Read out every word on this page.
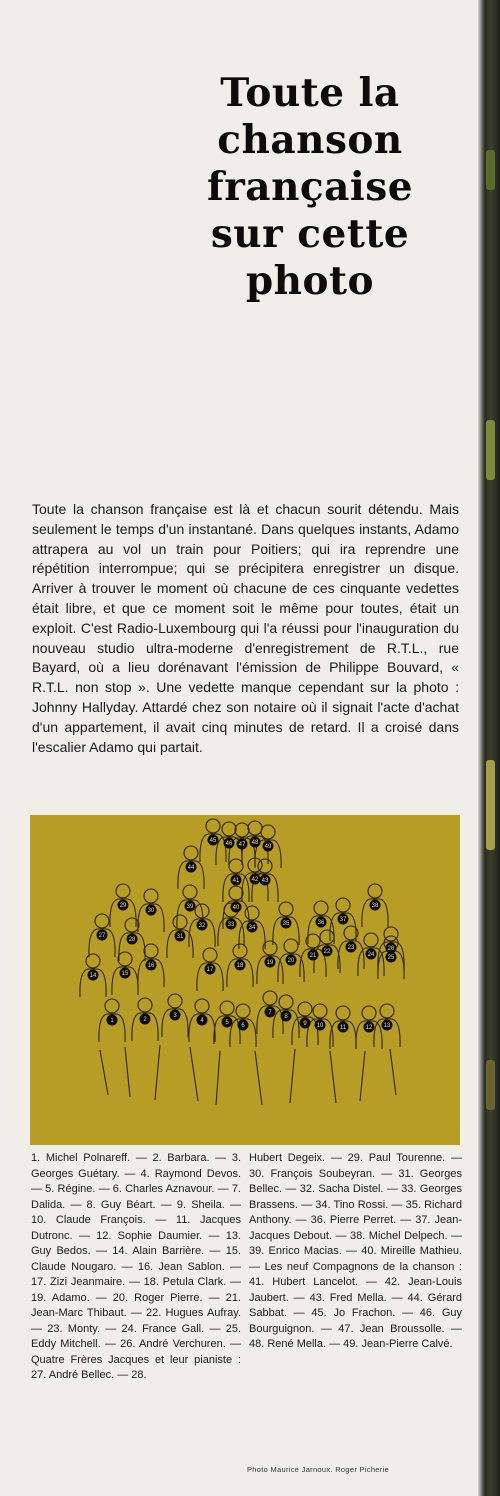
Toute la
chanson française
sur cette
photo

Toute la chanson française est là et chacun sourit détendu. Mais seulement le temps d'un instantané. Dans quelques instants, Adamo attrapera au vol un train pour Poitiers; qui ira reprendre une répétition interrompue; qui se précipitera enregistrer un disque. Arriver à trouver le moment où chacune de ces cinquante vedettes était libre, et que ce moment soit le même pour toutes, était un exploit. C'est Radio-Luxembourg qui l'a réussi pour l'inauguration du nouveau studio ultra-moderne d'enregistrement de R.T.L., rue Bayard, où a lieu dorénavant l'émission de Philippe Bouvard, « R.T.L. non stop ». Une vedette manque cependant sur la photo : Johnny Hallyday. Attardé chez son notaire où il signait l'acte d'achat d'un appartement, il avait cinq minutes de retard. Il a croisé dans l'escalier Adamo qui partait.

1	2
3
4	5 6
7
8
9 10	11	12 13
14	15
16
17
18	19 20
21
22
23
24 25
26
27
28
29
30
31
32	33 34
35	36	37
38
39	40
41 42 43
44
45 46 47 48
49
1. Michel Polnareff. — 2. Barbara. — 3. Georges Guétary. — 4. Raymond Devos. — 5. Régine. — 6. Charles Aznavour. — 7. Dalida. — 8. Guy Béart. — 9. Sheila. — 10. Claude François. — 11. Jacques Dutronc. — 12. Sophie Daumier. — 13. Guy Bedos. — 14. Alain Barrière. — 15. Claude Nougaro. — 16. Jean Sablon. — 17. Zizi Jeanmaire. — 18. Petula Clark. — 19. Adamo. — 20. Roger Pierre. — 21. Jean-Marc Thibaut. — 22. Hugues Aufray. — 23. Monty. — 24. France Gall. — 25. Eddy Mitchell. — 26. André Verchuren. — Quatre Frères Jacques et leur pianiste : 27. André Bellec. — 28.
Hubert Degeix. — 29. Paul Tourenne. — 30. François Soubeyran. — 31. Georges Bellec. — 32. Sacha Distel. — 33. Georges Brassens. — 34. Tino Rossi. — 35. Richard Anthony. — 36. Pierre Perret. — 37. Jean-Jacques Debout. — 38. Michel Delpech. — 39. Enrico Macias. — 40. Mireille Mathieu. — Les neuf Compagnons de la chanson : 41. Hubert Lancelot. — 42. Jean-Louis Jaubert. — 43. Fred Mella. — 44. Gérard Sabbat. — 45. Jo Frachon. — 46. Guy Bourguignon. — 47. Jean Broussolle. — 48. René Mella. — 49. Jean-Pierre Calvé.
Photo Maurice Jarnoux. Roger Picherie
